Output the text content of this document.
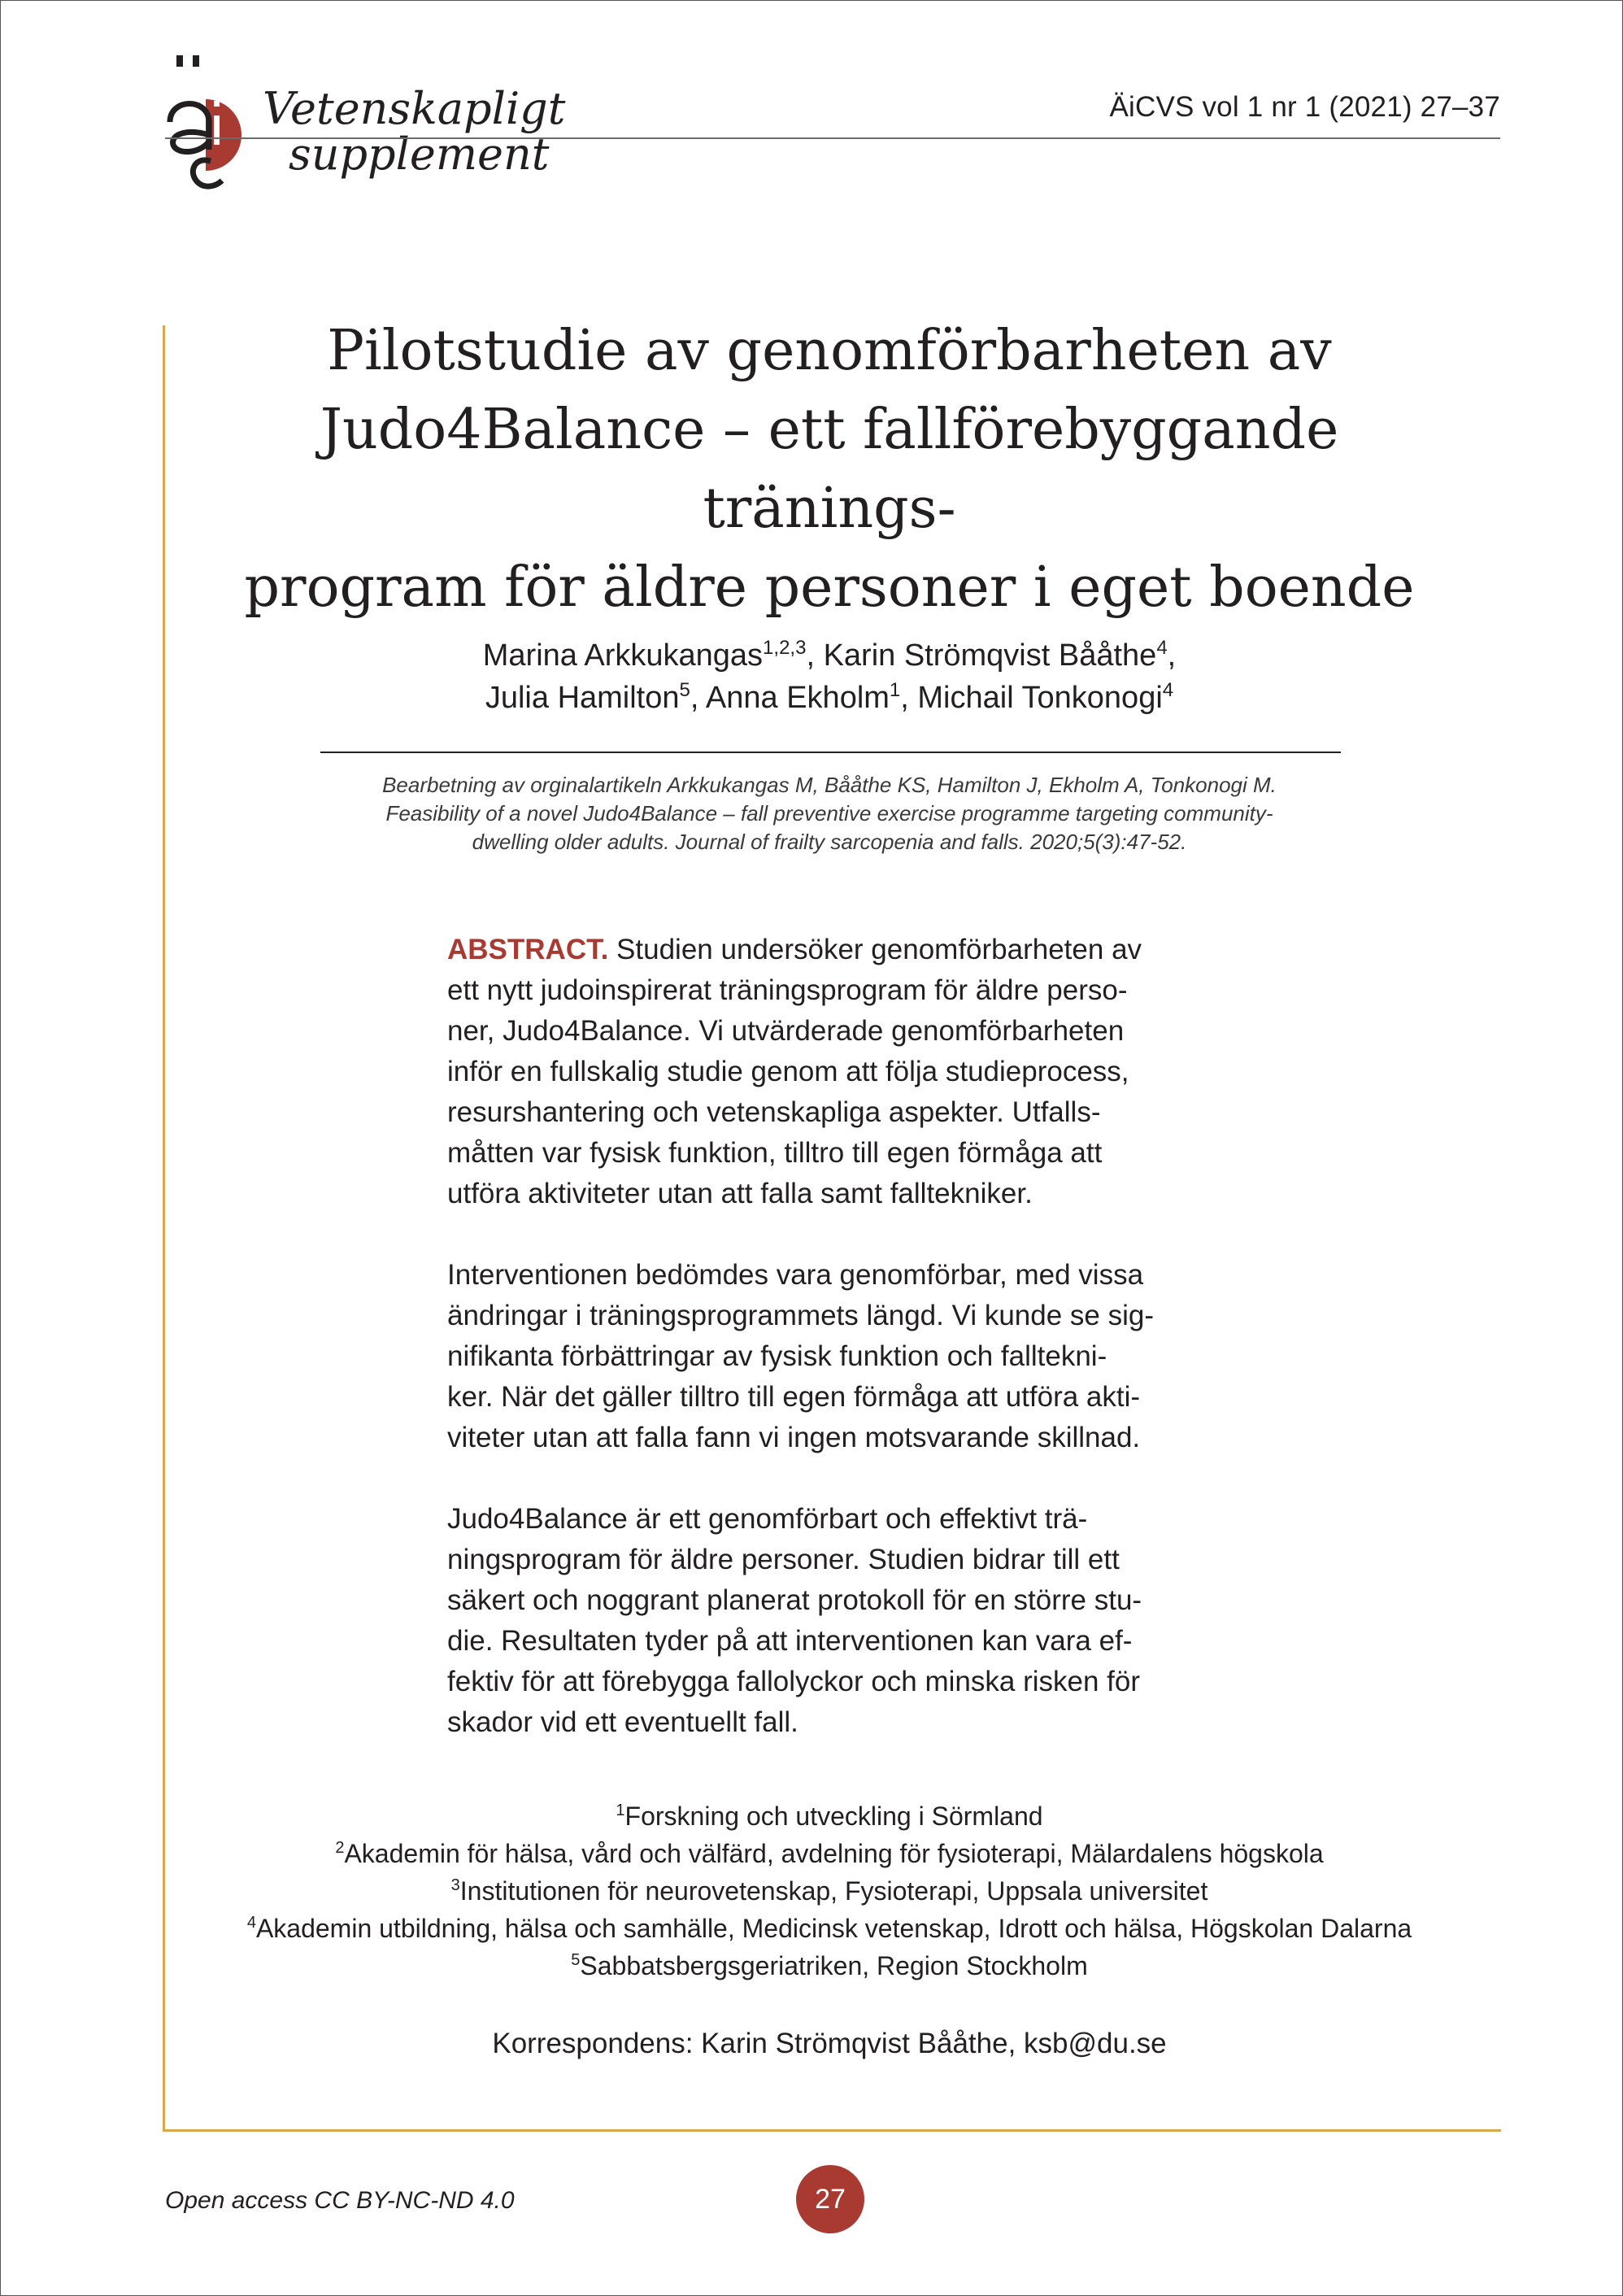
Vetenskapligt
supplement
ÄiCVS vol 1 nr 1 (2021) 27–37
Pilotstudie av genomförbarheten av
Judo4Balance – ett fallförebyggande tränings-
program för äldre personer i eget boende
Marina Arkkukangas$^{1,2,3}$, Karin Strömqvist Bååthe$^4$,
Julia Hamilton$^5$, Anna Ekholm$^1$, Michail Tonkonogi$^4$
Bearbetning av orginalartikeln Arkkukangas M, Bååthe KS, Hamilton J, Ekholm A, Tonkonogi M.
Feasibility of a novel Judo4Balance – fall preventive exercise programme targeting community-
dwelling older adults. Journal of frailty sarcopenia and falls. 2020;5(3):47-52.

ABSTRACT. Studien undersöker genomförbarheten av
ett nytt judoinspirerat träningsprogram för äldre perso-
ner, Judo4Balance. Vi utvärderade genomförbarheten
inför en fullskalig studie genom att följa studieprocess,
resurshantering och vetenskapliga aspekter. Utfalls-
måtten var fysisk funktion, tilltro till egen förmåga att
utföra aktiviteter utan att falla samt falltekniker.

Interventionen bedömdes vara genomförbar, med vissa
ändringar i träningsprogrammets längd. Vi kunde se sig-
nifikanta förbättringar av fysisk funktion och falltekni-
ker. När det gäller tilltro till egen förmåga att utföra akti-
viteter utan att falla fann vi ingen motsvarande skillnad.

Judo4Balance är ett genomförbart och effektivt trä-
ningsprogram för äldre personer. Studien bidrar till ett
säkert och noggrant planerat protokoll för en större stu-
die. Resultaten tyder på att interventionen kan vara ef-
fektiv för att förebygga fallolyckor och minska risken för
skador vid ett eventuellt fall.

$^1$Forskning och utveckling i Sörmland
$^2$Akademin för hälsa, vård och välfärd, avdelning för fysioterapi, Mälardalens högskola
$^3$Institutionen för neurovetenskap, Fysioterapi, Uppsala universitet
$^4$Akademin utbildning, hälsa och samhälle, Medicinsk vetenskap, Idrott och hälsa, Högskolan Dalarna
$^5$Sabbatsbergsgeriatriken, Region Stockholm
Korrespondens: Karin Strömqvist Bååthe, ksb@du.se
Open access CC BY-NC-ND 4.0	27
